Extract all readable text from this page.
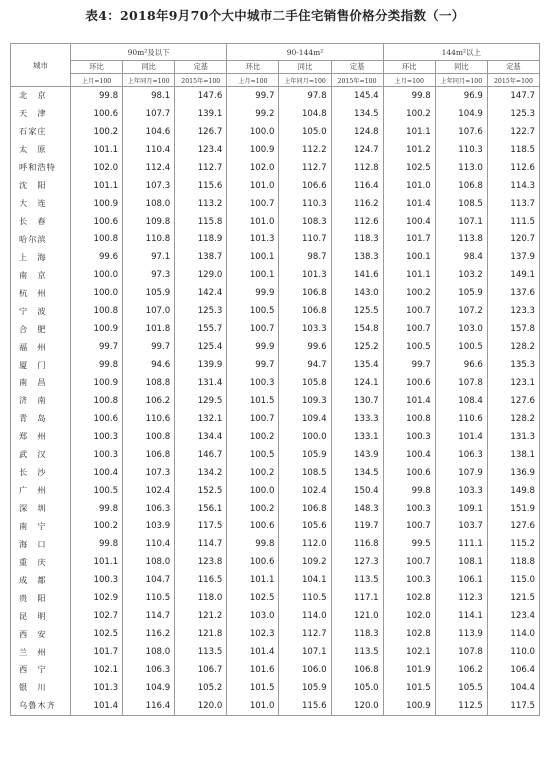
表4：2018年9月70个大中城市二手住宅销售价格分类指数（一）
城市	90m²及以下			90-144m²			144m²以上		
	环比	同比	定基	环比	同比	定基	环比	同比	定基
	上月=100	上年同月=100	2015年=100	上月=100	上年同月=100	2015年=100	上月=100	上年同月=100	2015年=100
北　京	99.8	98.1	147.6	99.7	97.8	145.4	99.8	96.9	147.7
天　津	100.6	107.7	139.1	99.2	104.8	134.5	100.2	104.9	125.3
石家庄	100.2	104.6	126.7	100.0	105.0	124.8	101.1	107.6	122.7
太　原	101.1	110.4	123.4	100.9	112.2	124.7	101.2	110.3	118.5
呼和浩特	102.0	112.4	112.7	102.0	112.7	112.8	102.5	113.0	112.6
沈　阳	101.1	107.3	115.6	101.0	106.6	116.4	101.0	106.8	114.3
大　连	100.9	108.0	113.2	100.7	110.3	116.2	101.4	108.5	113.7
长　春	100.6	109.8	115.8	101.0	108.3	112.6	100.4	107.1	111.5
哈尔滨	100.8	110.8	118.9	101.3	110.7	118.3	101.7	113.8	120.7
上　海	99.6	97.1	138.7	100.1	98.7	138.3	100.1	98.4	137.9
南　京	100.0	97.3	129.0	100.1	101.3	141.6	101.1	103.2	149.1
杭　州	100.0	105.9	142.4	99.9	106.8	143.0	100.2	105.9	137.6
宁　波	100.8	107.0	125.3	100.5	106.8	125.5	100.7	107.2	123.3
合　肥	100.9	101.8	155.7	100.7	103.3	154.8	100.7	103.0	157.8
福　州	99.7	99.7	125.4	99.9	99.6	125.2	100.5	100.5	128.2
厦　门	99.8	94.6	139.9	99.7	94.7	135.4	99.7	96.6	135.3
南　昌	100.9	108.8	131.4	100.3	105.8	124.1	100.6	107.8	123.1
济　南	100.8	106.2	129.5	101.5	109.3	130.7	101.4	108.4	127.6
青　岛	100.6	110.6	132.1	100.7	109.4	133.3	100.8	110.6	128.2
郑　州	100.3	100.8	134.4	100.2	100.0	133.1	100.3	101.4	131.3
武　汉	100.3	106.8	146.7	100.5	105.9	143.9	100.4	106.3	138.1
长　沙	100.4	107.3	134.2	100.2	108.5	134.5	100.6	107.9	136.9
广　州	100.5	102.4	152.5	100.0	102.4	150.4	99.8	103.3	149.8
深　圳	99.8	106.3	156.1	100.2	106.8	148.3	100.3	109.1	151.9
南　宁	100.2	103.9	117.5	100.6	105.6	119.7	100.7	103.7	127.6
海　口	99.8	110.4	114.7	99.8	112.0	116.8	99.5	111.1	115.2
重　庆	101.1	108.0	123.8	100.6	109.2	127.3	100.7	108.1	118.8
成　都	100.3	104.7	116.5	101.1	104.1	113.5	100.3	106.1	115.0
贵　阳	102.9	110.5	118.0	102.5	110.5	117.1	102.8	112.3	121.5
昆　明	102.7	114.7	121.2	103.0	114.0	121.0	102.0	114.1	123.4
西　安	102.5	116.2	121.8	102.3	112.7	118.3	102.8	113.9	114.0
兰　州	101.7	108.0	113.5	101.4	107.1	113.5	102.1	107.8	110.0
西　宁	102.1	106.3	106.7	101.6	106.0	106.8	101.9	106.2	106.4
银　川	101.3	104.9	105.2	101.5	105.9	105.0	101.5	105.5	104.4
乌鲁木齐	101.4	116.4	120.0	101.0	115.6	120.0	100.9	112.5	117.5
